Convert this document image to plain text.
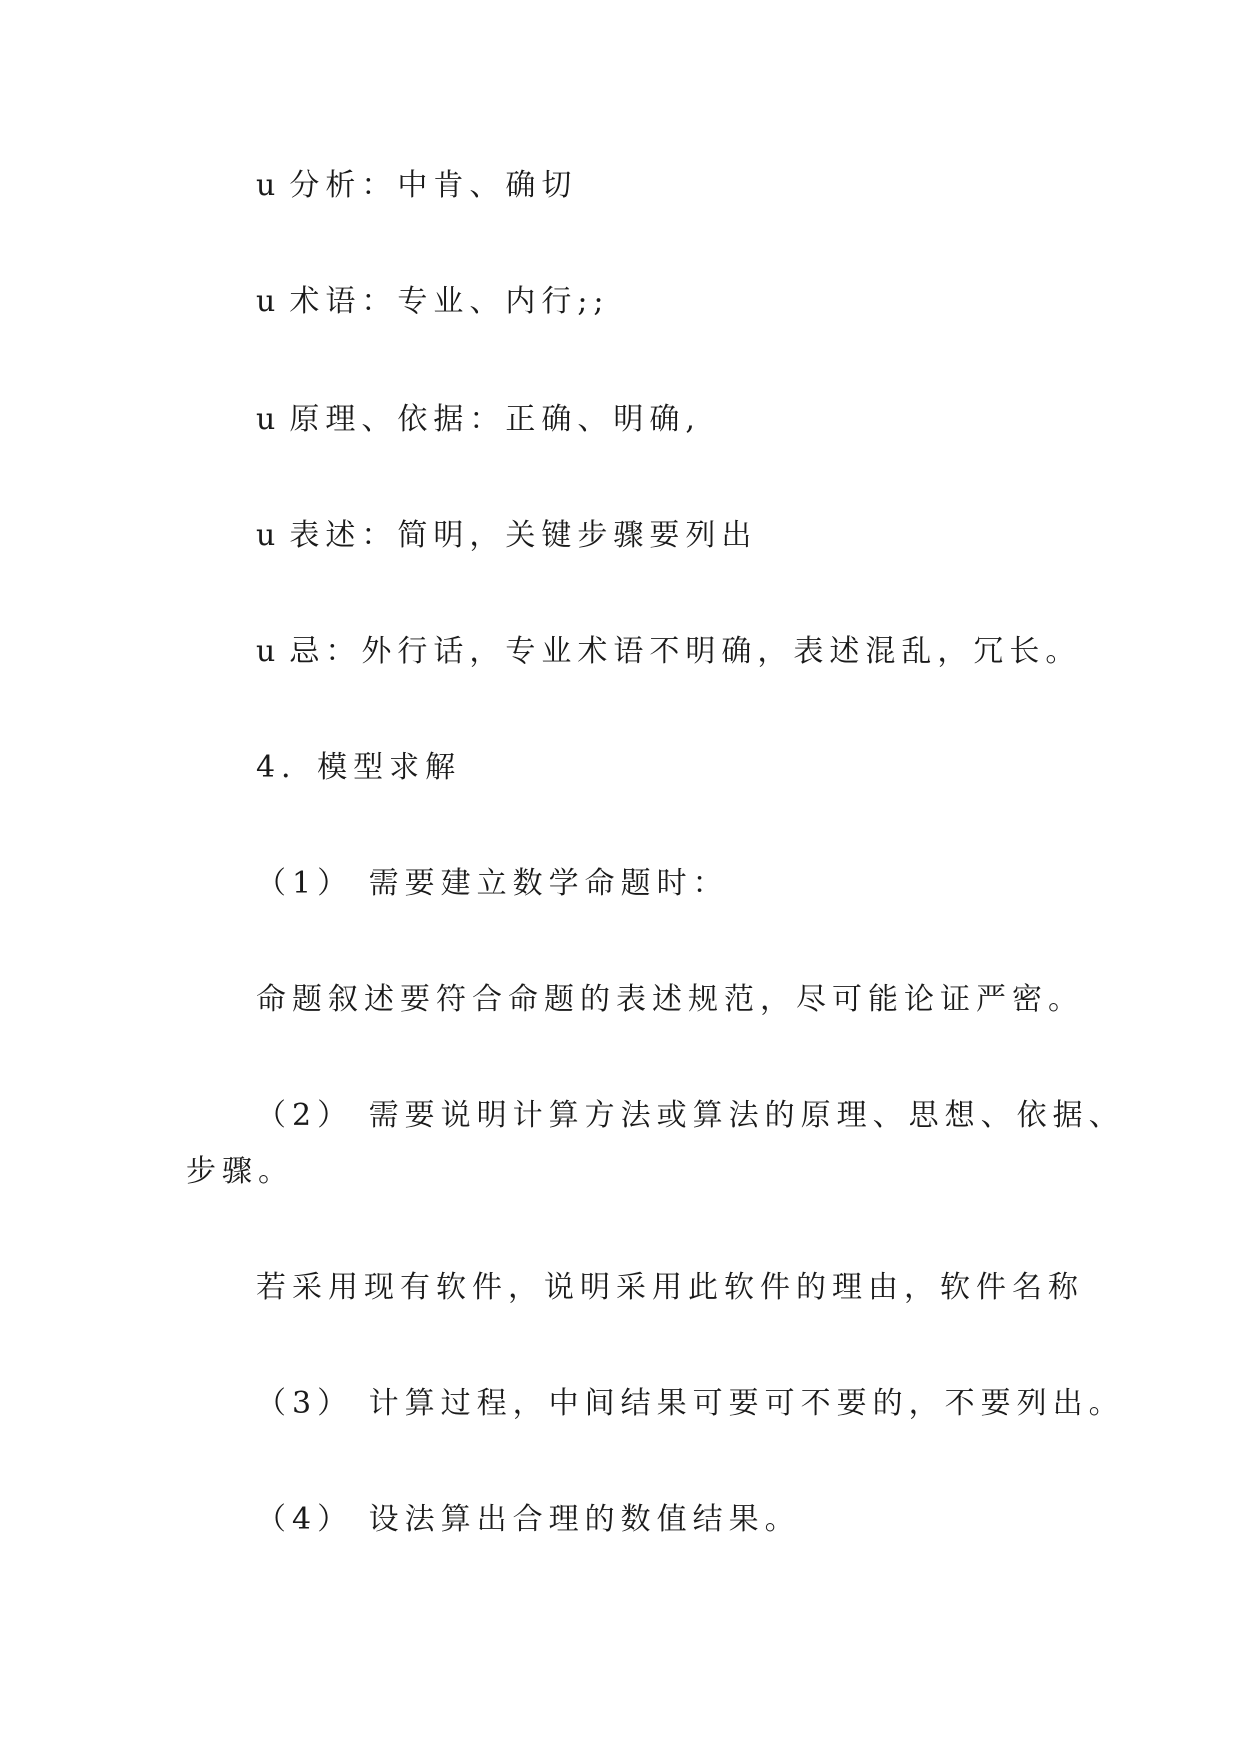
u 分析：中肯、确切
u 术语：专业、内行;;
u 原理、依据：正确、明确,
u 表述：简明，关键步骤要列出
u 忌：外行话，专业术语不明确，表述混乱，冗长。
4．模型求解
（1） 需要建立数学命题时：
命题叙述要符合命题的表述规范，尽可能论证严密。
（2） 需要说明计算方法或算法的原理、思想、依据、
步骤。
若采用现有软件，说明采用此软件的理由，软件名称
（3） 计算过程，中间结果可要可不要的，不要列出。
（4） 设法算出合理的数值结果。
